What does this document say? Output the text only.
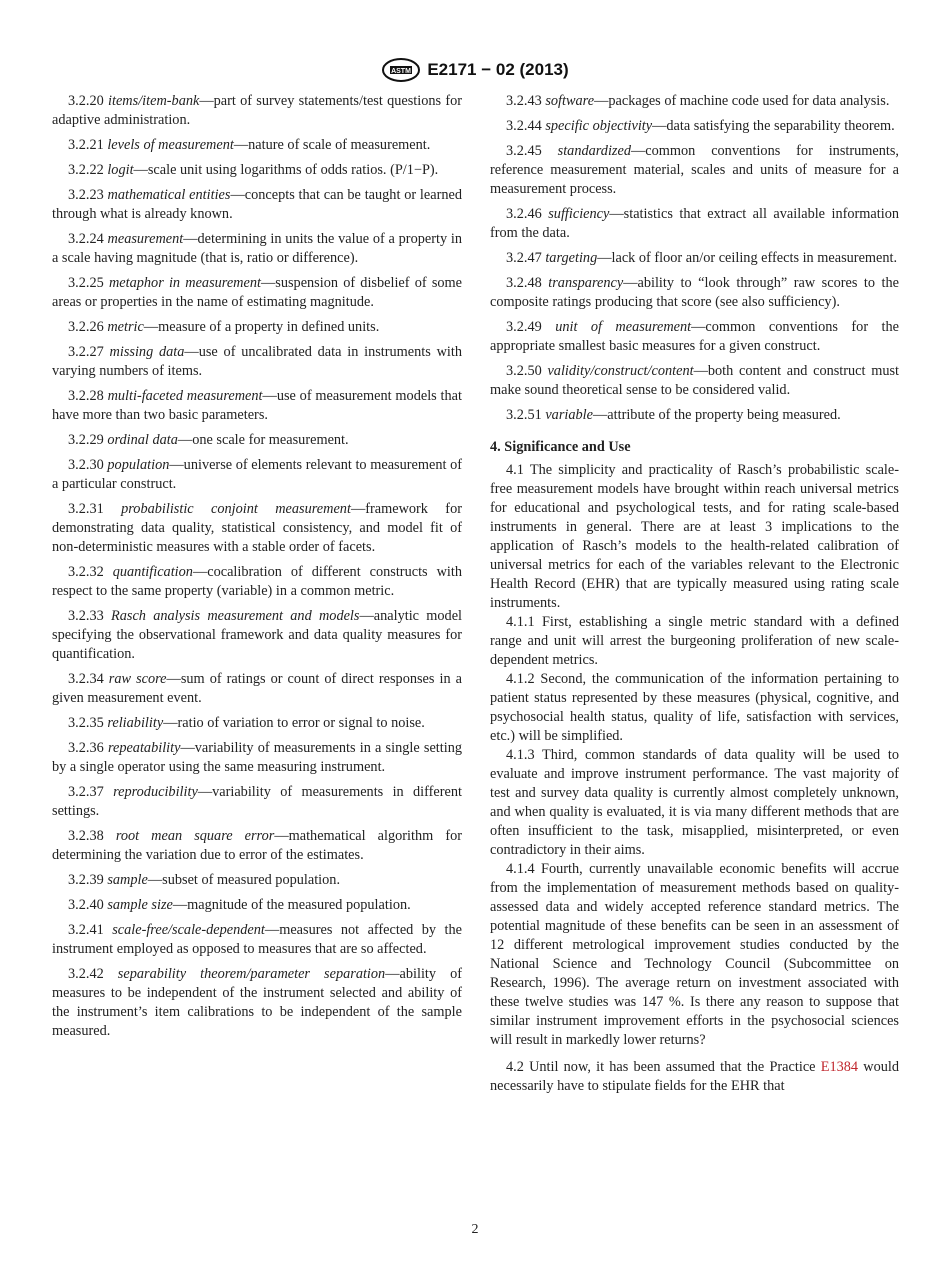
ASTM E2171 − 02 (2013)

3.2.20 items/item-bank—part of survey statements/test questions for adaptive administration.

3.2.21 levels of measurement—nature of scale of measurement.

3.2.22 logit—scale unit using logarithms of odds ratios. (P/1−P).

3.2.23 mathematical entities—concepts that can be taught or learned through what is already known.

3.2.24 measurement—determining in units the value of a property in a scale having magnitude (that is, ratio or difference).

3.2.25 metaphor in measurement—suspension of disbelief of some areas or properties in the name of estimating magnitude.

3.2.26 metric—measure of a property in defined units.

3.2.27 missing data—use of uncalibrated data in instruments with varying numbers of items.

3.2.28 multi-faceted measurement—use of measurement models that have more than two basic parameters.

3.2.29 ordinal data—one scale for measurement.

3.2.30 population—universe of elements relevant to measurement of a particular construct.

3.2.31 probabilistic conjoint measurement—framework for demonstrating data quality, statistical consistency, and model fit of non-deterministic measures with a stable order of facets.

3.2.32 quantification—cocalibration of different constructs with respect to the same property (variable) in a common metric.

3.2.33 Rasch analysis measurement and models—analytic model specifying the observational framework and data quality measures for quantification.

3.2.34 raw score—sum of ratings or count of direct responses in a given measurement event.

3.2.35 reliability—ratio of variation to error or signal to noise.

3.2.36 repeatability—variability of measurements in a single setting by a single operator using the same measuring instrument.

3.2.37 reproducibility—variability of measurements in different settings.

3.2.38 root mean square error—mathematical algorithm for determining the variation due to error of the estimates.

3.2.39 sample—subset of measured population.

3.2.40 sample size—magnitude of the measured population.

3.2.41 scale-free/scale-dependent—measures not affected by the instrument employed as opposed to measures that are so affected.

3.2.42 separability theorem/parameter separation—ability of measures to be independent of the instrument selected and ability of the instrument’s item calibrations to be independent of the sample measured.

3.2.43 software—packages of machine code used for data analysis.

3.2.44 specific objectivity—data satisfying the separability theorem.

3.2.45 standardized—common conventions for instruments, reference measurement material, scales and units of measure for a measurement process.

3.2.46 sufficiency—statistics that extract all available information from the data.

3.2.47 targeting—lack of floor an/or ceiling effects in measurement.

3.2.48 transparency—ability to “look through” raw scores to the composite ratings producing that score (see also sufficiency).

3.2.49 unit of measurement—common conventions for the appropriate smallest basic measures for a given construct.

3.2.50 validity/construct/content—both content and construct must make sound theoretical sense to be considered valid.

3.2.51 variable—attribute of the property being measured.

4. Significance and Use

4.1 The simplicity and practicality of Rasch’s probabilistic scale-free measurement models have brought within reach universal metrics for educational and psychological tests, and for rating scale-based instruments in general. There are at least 3 implications to the application of Rasch’s models to the health-related calibration of universal metrics for each of the variables relevant to the Electronic Health Record (EHR) that are typically measured using rating scale instruments.

4.1.1 First, establishing a single metric standard with a defined range and unit will arrest the burgeoning proliferation of new scale-dependent metrics.

4.1.2 Second, the communication of the information pertaining to patient status represented by these measures (physical, cognitive, and psychosocial health status, quality of life, satisfaction with services, etc.) will be simplified.

4.1.3 Third, common standards of data quality will be used to evaluate and improve instrument performance. The vast majority of test and survey data quality is currently almost completely unknown, and when quality is evaluated, it is via many different methods that are often insufficient to the task, misapplied, misinterpreted, or even contradictory in their aims.

4.1.4 Fourth, currently unavailable economic benefits will accrue from the implementation of measurement methods based on quality-assessed data and widely accepted reference standard metrics. The potential magnitude of these benefits can be seen in an assessment of 12 different metrological improvement studies conducted by the National Science and Technology Council (Subcommittee on Research, 1996). The average return on investment associated with these twelve studies was 147 %. Is there any reason to suppose that similar instrument improvement efforts in the psychosocial sciences will result in markedly lower returns?

4.2 Until now, it has been assumed that the Practice E1384 would necessarily have to stipulate fields for the EHR that

2
